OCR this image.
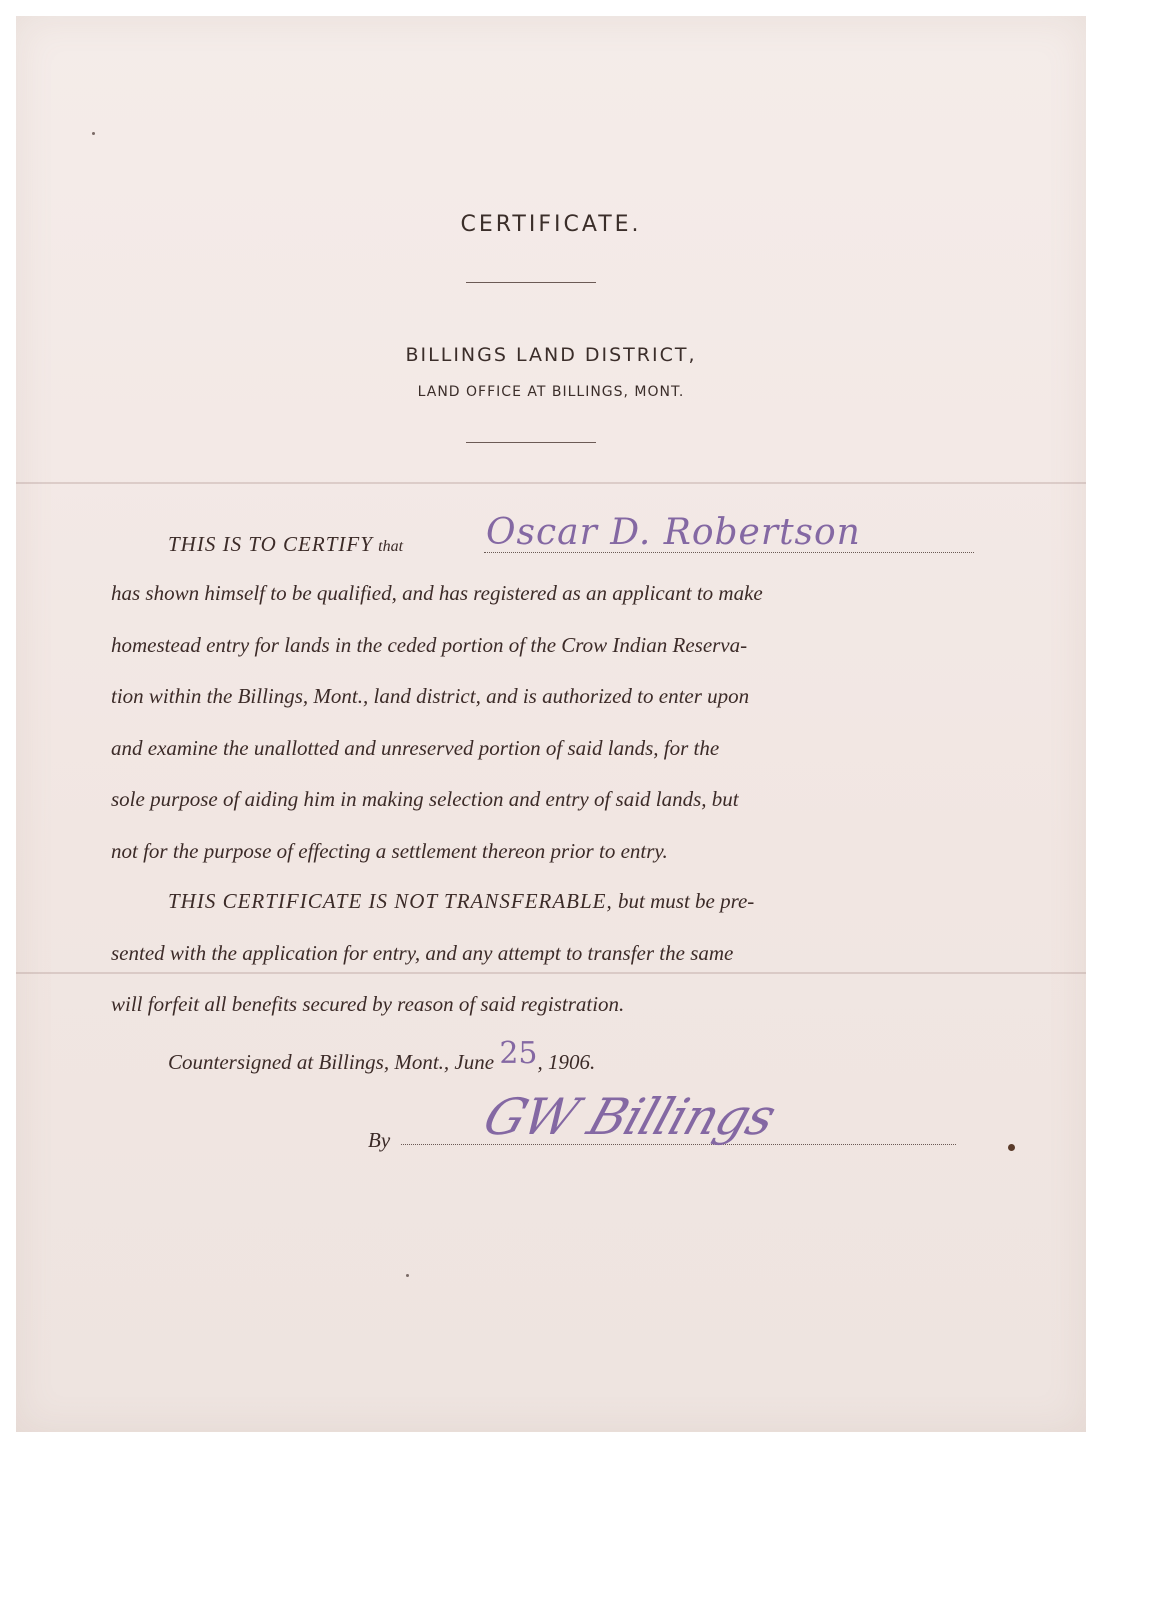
CERTIFICATE.
BILLINGS LAND DISTRICT,
LAND OFFICE AT BILLINGS, MONT.
THIS IS TO CERTIFY that Oscar D. Robertson
has shown himself to be qualified, and has registered as an applicant to make
homestead entry for lands in the ceded portion of the Crow Indian Reserva-
tion within the Billings, Mont., land district, and is authorized to enter upon
and examine the unallotted and unreserved portion of said lands, for the
sole purpose of aiding him in making selection and entry of said lands, but
not for the purpose of effecting a settlement thereon prior to entry.
THIS CERTIFICATE IS NOT TRANSFERABLE, but must be pre-
sented with the application for entry, and any attempt to transfer the same
will forfeit all benefits secured by reason of said registration.
Countersigned at Billings, Mont., June 25, 1906.
By GW Billings
